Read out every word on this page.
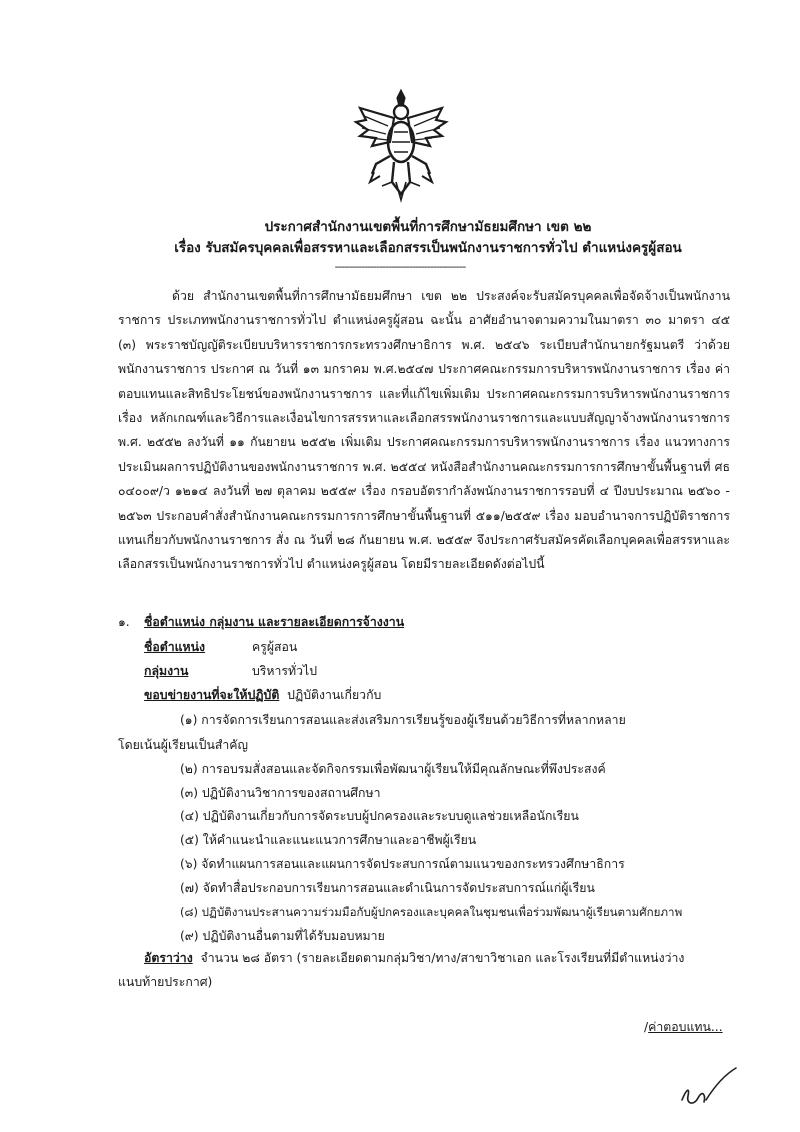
ประกาศสำนักงานเขตพื้นที่การศึกษามัธยมศึกษา เขต ๒๒
เรื่อง รับสมัครบุคคลเพื่อสรรหาและเลือกสรรเป็นพนักงานราชการทั่วไป ตำแหน่งครูผู้สอน
--------------------------------------------
ด้วย สำนักงานเขตพื้นที่การศึกษามัธยมศึกษา เขต ๒๒ ประสงค์จะรับสมัครบุคคลเพื่อจัดจ้างเป็นพนักงานราชการ ประเภทพนักงานราชการทั่วไป ตำแหน่งครูผู้สอน ฉะนั้น อาศัยอำนาจตามความในมาตรา ๓๐ มาตรา ๔๕ (๓) พระราชบัญญัติระเบียบบริหารราชการกระทรวงศึกษาธิการ พ.ศ. ๒๕๔๖ ระเบียบสำนักนายกรัฐมนตรี ว่าด้วยพนักงานราชการ ประกาศ ณ วันที่ ๑๓ มกราคม พ.ศ.๒๕๔๗ ประกาศคณะกรรมการบริหารพนักงานราชการ เรื่อง ค่าตอบแทนและสิทธิประโยชน์ของพนักงานราชการ และที่แก้ไขเพิ่มเติม ประกาศคณะกรรมการบริหารพนักงานราชการ เรื่อง หลักเกณฑ์และวิธีการและเงื่อนไขการสรรหาและเลือกสรรพนักงานราชการและแบบสัญญาจ้างพนักงานราชการ พ.ศ. ๒๕๕๒ ลงวันที่ ๑๑ กันยายน ๒๕๕๒ เพิ่มเติม ประกาศคณะกรรมการบริหารพนักงานราชการ เรื่อง แนวทางการประเมินผลการปฏิบัติงานของพนักงานราชการ พ.ศ. ๒๕๕๔ หนังสือสำนักงานคณะกรรมการการศึกษาขั้นพื้นฐานที่ ศธ ๐๔๐๐๙/ว ๑๒๑๔ ลงวันที่ ๒๗ ตุลาคม ๒๕๕๙ เรื่อง กรอบอัตรากำลังพนักงานราชการรอบที่ ๔ ปีงบประมาณ ๒๕๖๐ - ๒๕๖๓ ประกอบคำสั่งสำนักงานคณะกรรมการการศึกษาขั้นพื้นฐานที่ ๕๑๑/๒๕๕๙ เรื่อง มอบอำนาจการปฏิบัติราชการแทนเกี่ยวกับพนักงานราชการ สั่ง ณ วันที่ ๒๘ กันยายน พ.ศ. ๒๕๕๙ จึงประกาศรับสมัครคัดเลือกบุคคลเพื่อสรรหาและเลือกสรรเป็นพนักงานราชการทั่วไป ตำแหน่งครูผู้สอน โดยมีรายละเอียดดังต่อไปนี้
๑. ชื่อตำแหน่ง กลุ่มงาน และรายละเอียดการจ้างงาน
ชื่อตำแหน่ง	ครูผู้สอน
กลุ่มงาน	บริหารทั่วไป
ขอบข่ายงานที่จะให้ปฏิบัติ ปฏิบัติงานเกี่ยวกับ
(๑) การจัดการเรียนการสอนและส่งเสริมการเรียนรู้ของผู้เรียนด้วยวิธีการที่หลากหลาย
โดยเน้นผู้เรียนเป็นสำคัญ
(๒) การอบรมสั่งสอนและจัดกิจกรรมเพื่อพัฒนาผู้เรียนให้มีคุณลักษณะที่พึงประสงค์
(๓) ปฏิบัติงานวิชาการของสถานศึกษา
(๔) ปฏิบัติงานเกี่ยวกับการจัดระบบผู้ปกครองและระบบดูแลช่วยเหลือนักเรียน
(๕) ให้คำแนะนำและแนะแนวการศึกษาและอาชีพผู้เรียน
(๖) จัดทำแผนการสอนและแผนการจัดประสบการณ์ตามแนวของกระทรวงศึกษาธิการ
(๗) จัดทำสื่อประกอบการเรียนการสอนและดำเนินการจัดประสบการณ์แก่ผู้เรียน
(๘) ปฏิบัติงานประสานความร่วมมือกับผู้ปกครองและบุคคลในชุมชนเพื่อร่วมพัฒนาผู้เรียนตามศักยภาพ
(๙) ปฏิบัติงานอื่นตามที่ได้รับมอบหมาย
อัตราว่าง จำนวน ๒๘ อัตรา (รายละเอียดตามกลุ่มวิชา/ทาง/สาขาวิชาเอก และโรงเรียนที่มีตำแหน่งว่าง
แนบท้ายประกาศ)
/ค่าตอบแทน...
